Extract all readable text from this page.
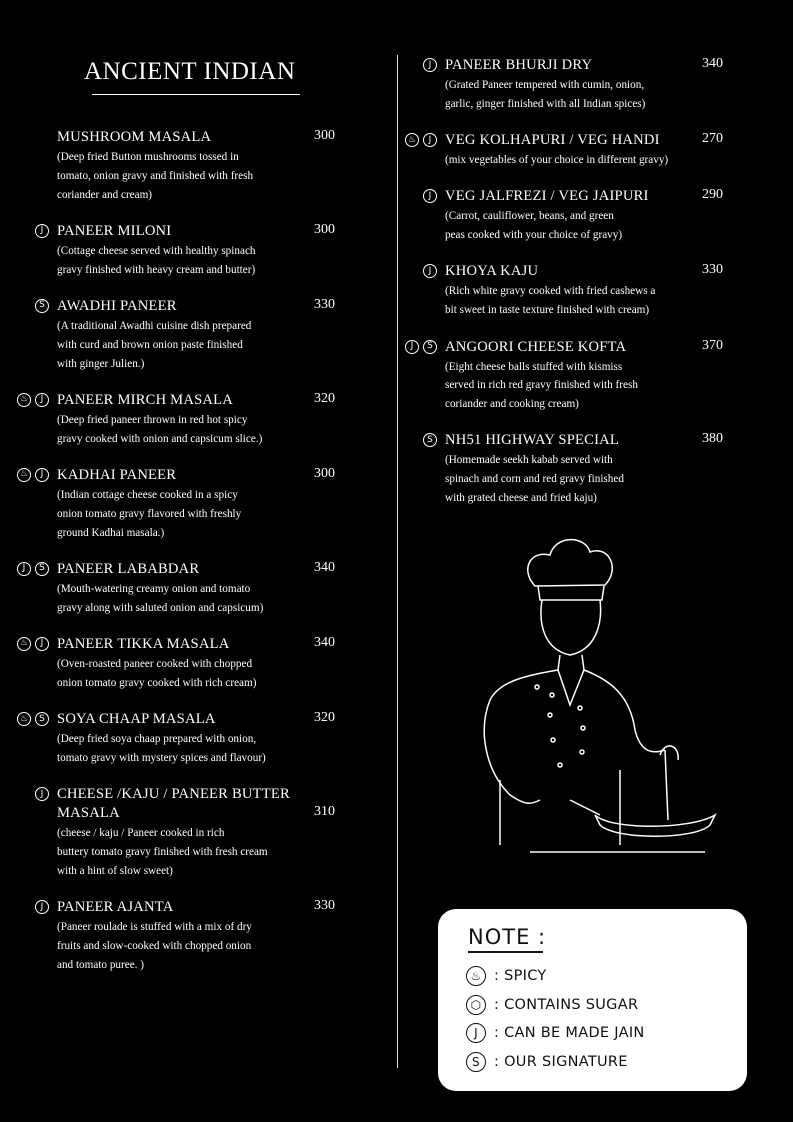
ANCIENT INDIAN
MUSHROOM MASALA	300
(Deep fried Button mushrooms tossed in
tomato, onion gravy and finished with fresh
coriander and cream)
J PANEER MILONI	300
(Cottage cheese served with healthy spinach
gravy finished with heavy cream and butter)
S AWADHI PANEER	330
(A traditional Awadhi cuisine dish prepared
with curd and brown onion paste finished
with ginger Julien.)
♨	J PANEER MIRCH MASALA	320
(Deep fried paneer thrown in red hot spicy
gravy cooked with onion and capsicum slice.)
♨	J KADHAI PANEER	300
(Indian cottage cheese cooked in a spicy
onion tomato gravy flavored with freshly
ground Kadhai masala.)
J	S PANEER LABABDAR	340
(Mouth-watering creamy onion and tomato
gravy along with saluted onion and capsicum)
♨	J PANEER TIKKA MASALA	340
(Oven-roasted paneer cooked with chopped
onion tomato gravy cooked with rich cream)
♨	S SOYA CHAAP MASALA	320
(Deep fried soya chaap prepared with onion,
tomato gravy with mystery spices and flavour)
J CHEESE /KAJU / PANEER BUTTER MASALA	310
(cheese / kaju / Paneer cooked in rich
buttery tomato gravy finished with fresh cream
with a hint of slow sweet)
J PANEER AJANTA	330
(Paneer roulade is stuffed with a mix of dry
fruits and slow-cooked with chopped onion
and tomato puree. )
J PANEER BHURJI DRY	340
(Grated Paneer tempered with cumin, onion,
garlic, ginger finished with all Indian spices)
♨	J VEG KOLHAPURI / VEG HANDI	270
(mix vegetables of your choice in different gravy)
J VEG JALFREZI / VEG JAIPURI	290
(Carrot, cauliflower, beans, and green
peas cooked with your choice of gravy)
J KHOYA KAJU	330
(Rich white gravy cooked with fried cashews a
bit sweet in taste texture finished with cream)
J	S ANGOORI CHEESE KOFTA	370
(Eight cheese balls stuffed with kismiss
served in rich red gravy finished with fresh
coriander and cooking cream)
S NH51 HIGHWAY SPECIAL	380
(Homemade seekh kabab served with
spinach and corn and red gravy finished
with grated cheese and fried kaju)
NOTE :
♨ : SPICY
⬡ : CONTAINS SUGAR
J	: CAN BE MADE JAIN
S : OUR SIGNATURE
